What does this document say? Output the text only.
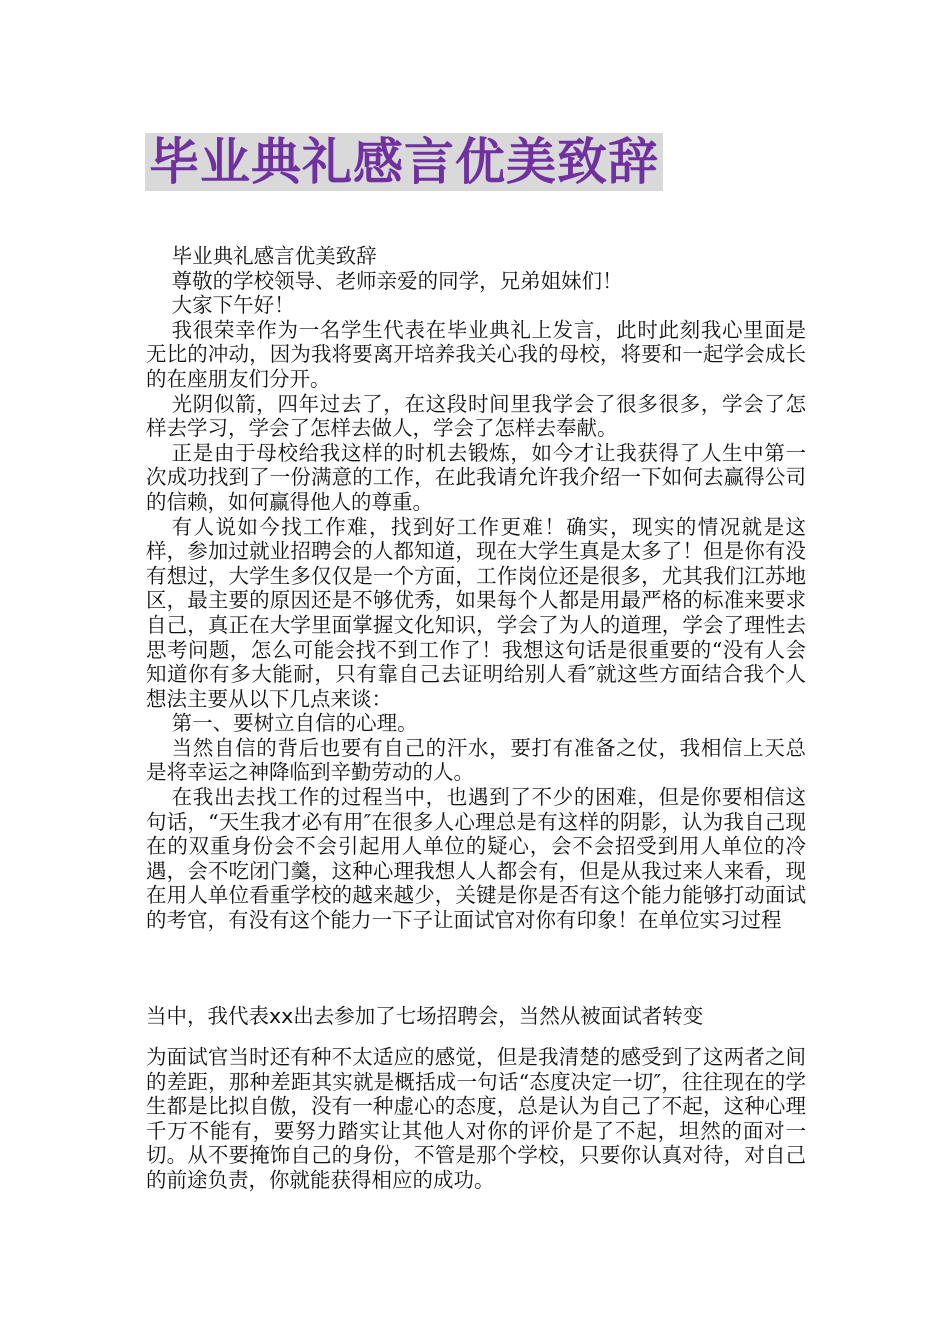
毕业典礼感言优美致辞

毕业典礼感言优美致辞

尊敬的学校领导、老师亲爱的同学，兄弟姐妹们！

大家下午好！

我很荣幸作为一名学生代表在毕业典礼上发言，此时此刻我心里面是无比的冲动，因为我将要离开培养我关心我的母校，将要和一起学会成长的在座朋友们分开。

光阴似箭，四年过去了，在这段时间里我学会了很多很多，学会了怎样去学习，学会了怎样去做人，学会了怎样去奉献。

正是由于母校给我这样的时机去锻炼，如今才让我获得了人生中第一次成功找到了一份满意的工作，在此我请允许我介绍一下如何去赢得公司的信赖，如何赢得他人的尊重。

有人说如今找工作难，找到好工作更难！确实，现实的情况就是这样，参加过就业招聘会的人都知道，现在大学生真是太多了！但是你有没有想过，大学生多仅仅是一个方面，工作岗位还是很多，尤其我们江苏地区，最主要的原因还是不够优秀，如果每个人都是用最严格的标准来要求自己，真正在大学里面掌握文化知识，学会了为人的道理，学会了理性去思考问题，怎么可能会找不到工作了！我想这句话是很重要的“没有人会知道你有多大能耐，只有靠自己去证明给别人看″就这些方面结合我个人想法主要从以下几点来谈：

第一、要树立自信的心理。

当然自信的背后也要有自己的汗水，要打有准备之仗，我相信上天总是将幸运之神降临到辛勤劳动的人。

在我出去找工作的过程当中，也遇到了不少的困难，但是你要相信这句话，“天生我才必有用″在很多人心理总是有这样的阴影，认为我自己现在的双重身份会不会引起用人单位的疑心，会不会招受到用人单位的冷遇，会不吃闭门羹，这种心理我想人人都会有，但是从我过来人来看，现在用人单位看重学校的越来越少，关键是你是否有这个能力能够打动面试的考官，有没有这个能力一下子让面试官对你有印象！在单位实习过程

当中，我代表xx出去参加了七场招聘会，当然从被面试者转变

为面试官当时还有种不太适应的感觉，但是我清楚的感受到了这两者之间的差距，那种差距其实就是概括成一句话“态度决定一切″，往往现在的学生都是比拟自傲，没有一种虚心的态度，总是认为自己了不起，这种心理千万不能有，要努力踏实让其他人对你的评价是了不起，坦然的面对一切。从不要掩饰自己的身份，不管是那个学校，只要你认真对待，对自己的前途负责，你就能获得相应的成功。
